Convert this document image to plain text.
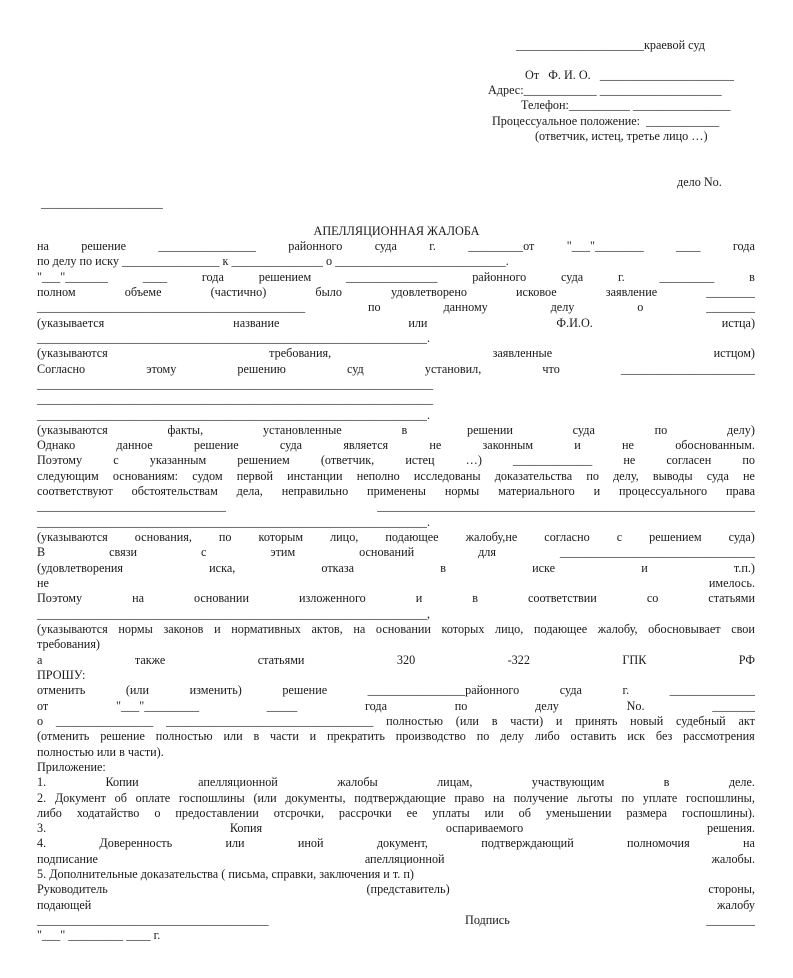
_____________________краевой суд
От   Ф. И. О.   ______________________
Адрес:____________ ____________________
Телефон:__________ ________________
Процессуальное положение:  ____________
(ответчик, истец, третье лицо …)
дело No.
____________________
АПЕЛЛЯЦИОННАЯ ЖАЛОБА
на	решение	________________	районного	суда	г.	_________от	"___"________	____	года
по делу по иску ________________ к _______________ о ____________________________.
"___"_______	____	года	решением	_______________	районного	суда	г.	_________	в
полном	объеме	(частично)	было	удовлетворено	исковое	заявление	________
____________________________________________	по	данному	делу	о	________
(указывается	название	или	Ф.И.О.	истца)
________________________________________________________________.
(указываются	требования,	заявленные	истцом)
Согласно	этому	решению	суд	установил,	что	______________________
_________________________________________________________________
_________________________________________________________________
________________________________________________________________.
(указываются	факты,	установленные	в	решении	суда	по	делу)
Однако	данное	решение	суда	является	не	законным	и	не	обоснованным.
Поэтому	с	указанным	решением	(ответчик,	истец	…)	_____________	не	согласен	по
следующим основаниям: судом первой инстанции неполно исследованы доказательства по делу, выводы суда не
соответствуют обстоятельствам дела, неправильно применены нормы материального и процессуального права
_______________________________	______________________________________________________________
________________________________________________________________.
(указываются основания, по которым лицо, подающее жалобу,не согласно с решением суда)
В	связи	с	этим	оснований	для	________________________________
(удовлетворения	иска,	отказа	в	иске	и	т.п.)
не	имелось.
Поэтому	на	основании	изложенного	и	в	соответствии	со	статьями
________________________________________________________________,
(указываются нормы законов и нормативных актов, на основании которых лицо, подающее жалобу, обосновывает свои
требования)
а	также	статьями	320	-322	ГПК	РФ
ПРОШУ:
отменить	(или	изменить)	решение	________________районного	суда	г.	______________
от	"___"_________	_____	года	по	делу	No.	_______
о ________________ __________________________________ полностью (или в части) и принять новый судебный акт
(отменить решение полностью или в части и прекратить производство по делу либо оставить иск без рассмотрения
полностью или в части).
Приложение:
1.	Копии	апелляционной	жалобы	лицам,	участвующим	в	деле.
2. Документ об оплате госпошлины (или документы, подтверждающие право на получение льготы по уплате госпошлины,
либо ходатайство о предоставлении отсрочки, рассрочки ее уплаты или об уменьшении размера госпошлины).
3.	Копия	оспариваемого	решения.
4.	Доверенность	или	иной	документ,	подтверждающий	полномочия	на
подписание	апелляционной	жалобы.
5. Дополнительные доказательства ( письма, справки, заключения и т. п)
Руководитель	(представитель)	стороны,
подающей	жалобу
______________________________________	Подпись	________
"___" _________ ____ г.
